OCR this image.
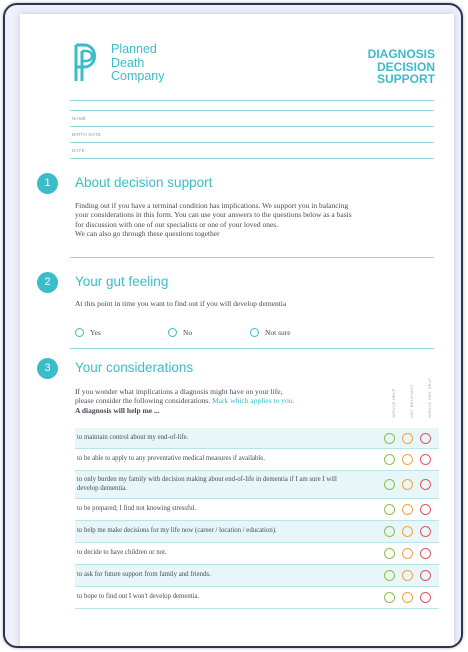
Planned
Death
Company
DIAGNOSIS
DECISION
SUPPORT
NAME
BIRTH DATE
DATE
1	About decision support
Finding out if you have a terminal condition has implications. We support you in balancing
your considerations in this form. You can use your answers to the questions below as a basis
for discussion with one of our specialists or one of your loved ones.
We can also go through these questions together
2	Your gut feeling
At this point in time you want to find out if you will develop dementia
Yes	No	Not sure
3	Your considerations
WOULD HELP	NOT RELEVANT	WOULD NOT HELP
If you wonder what implications a diagnosis might have on your life,
please consider the following considerations. Mark which applies to you.
A diagnosis will help me ...
to maintain control about my end-of-life.
to be able to apply to any preventative medical measures if available.
to only burden my family with decision making about end-of-life in dementia if I am sure I will develop dementia.
to be prepared; I find not knowing stressful.
to help me make decisions for my life now (career / location / education).
to decide to have children or not.
to ask for future support from family and friends.
to hope to find out I won't develop dementia.
